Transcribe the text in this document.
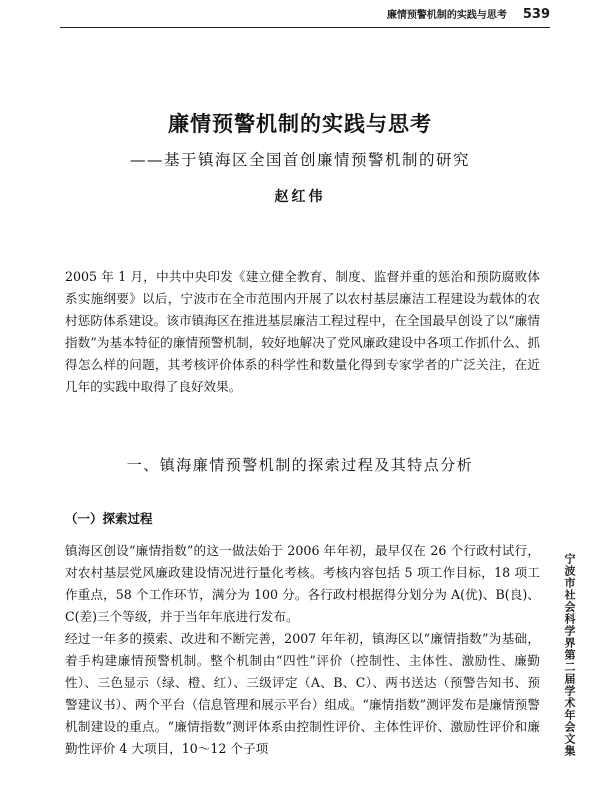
廉情预警机制的实践与思考 539
廉情预警机制的实践与思考
——基于镇海区全国首创廉情预警机制的研究
赵红伟

2005 年 1 月，中共中央印发《建立健全教育、制度、监督并重的惩治和预防腐败体系实施纲要》以后，宁波市在全市范围内开展了以农村基层廉洁工程建设为载体的农村惩防体系建设。该市镇海区在推进基层廉洁工程过程中，在全国最早创设了以“廉情指数”为基本特征的廉情预警机制，较好地解决了党风廉政建设中各项工作抓什么、抓得怎么样的问题，其考核评价体系的科学性和数量化得到专家学者的广泛关注，在近几年的实践中取得了良好效果。

一、镇海廉情预警机制的探索过程及其特点分析
（一）探索过程

镇海区创设“廉情指数”的这一做法始于 2006 年年初，最早仅在 26 个行政村试行，对农村基层党风廉政建设情况进行量化考核。考核内容包括 5 项工作目标，18 项工作重点，58 个工作环节，满分为 100 分。各行政村根据得分划分为 A(优)、B(良)、C(差)三个等级，并于当年年底进行发布。

经过一年多的摸索、改进和不断完善，2007 年年初，镇海区以“廉情指数”为基础，着手构建廉情预警机制。整个机制由“四性”评价（控制性、主体性、激励性、廉勤性）、三色显示（绿、橙、红）、三级评定（A、B、C）、两书送达（预警告知书、预警建议书）、两个平台（信息管理和展示平台）组成。“廉情指数”测评发布是廉情预警机制建设的重点。“廉情指数”测评体系由控制性评价、主体性评价、激励性评价和廉勤性评价 4 大项目，10～12 个子项	宁波市社会科学界第二届学术年会文集
